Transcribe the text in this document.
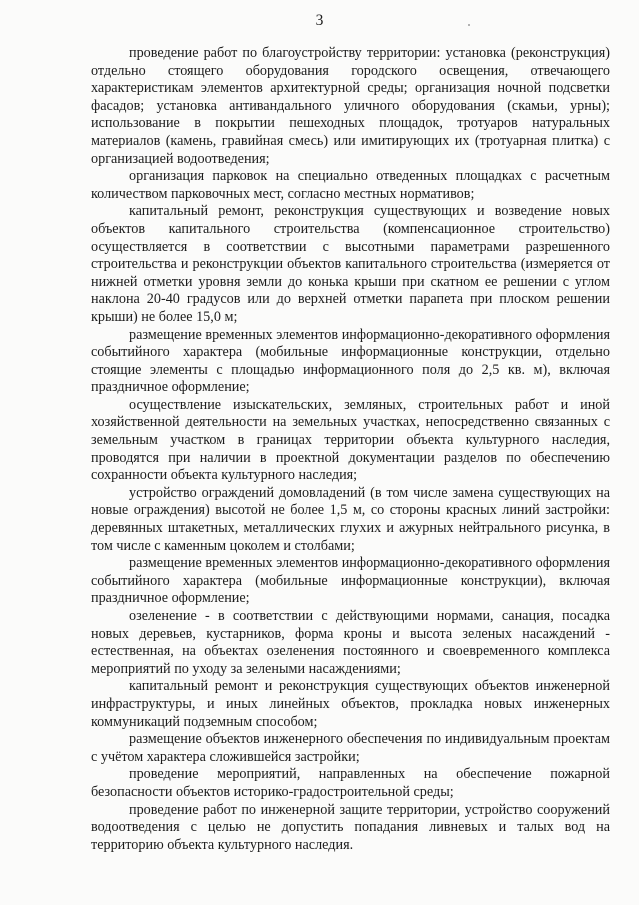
3

проведение работ по благоустройству территории: установка (реконструкция) отдельно стоящего оборудования городского освещения, отвечающего характеристикам элементов архитектурной среды; организация ночной подсветки фасадов; установка антивандального уличного оборудования (скамьи, урны); использование в покрытии пешеходных площадок, тротуаров натуральных материалов (камень, гравийная смесь) или имитирующих их (тротуарная плитка) с организацией водоотведения;

организация парковок на специально отведенных площадках с расчетным количеством парковочных мест, согласно местных нормативов;

капитальный ремонт, реконструкция существующих и возведение новых объектов капитального строительства (компенсационное строительство) осуществляется в соответствии с высотными параметрами разрешенного строительства и реконструкции объектов капитального строительства (измеряется от нижней отметки уровня земли до конька крыши при скатном ее решении с углом наклона 20-40 градусов или до верхней отметки парапета при плоском решении крыши) не более 15,0 м;

размещение временных элементов информационно-декоративного оформления событийного характера (мобильные информационные конструкции, отдельно стоящие элементы с площадью информационного поля до 2,5 кв. м), включая праздничное оформление;

осуществление изыскательских, земляных, строительных работ и иной хозяйственной деятельности на земельных участках, непосредственно связанных с земельным участком в границах территории объекта культурного наследия, проводятся при наличии в проектной документации разделов по обеспечению сохранности объекта культурного наследия;

устройство ограждений домовладений (в том числе замена существующих на новые ограждения) высотой не более 1,5 м, со стороны красных линий застройки: деревянных штакетных, металлических глухих и ажурных нейтрального рисунка, в том числе с каменным цоколем и столбами;

размещение временных элементов информационно-декоративного оформления событийного характера (мобильные информационные конструкции), включая праздничное оформление;

озеленение - в соответствии с действующими нормами, санация, посадка новых деревьев, кустарников, форма кроны и высота зеленых насаждений - естественная, на объектах озеленения постоянного и своевременного комплекса мероприятий по уходу за зелеными насаждениями;

капитальный ремонт и реконструкция существующих объектов инженерной инфраструктуры, и иных линейных объектов, прокладка новых инженерных коммуникаций подземным способом;

размещение объектов инженерного обеспечения по индивидуальным проектам с учётом характера сложившейся застройки;

проведение мероприятий, направленных на обеспечение пожарной безопасности объектов историко-градостроительной среды;

проведение работ по инженерной защите территории, устройство сооружений водоотведения с целью не допустить попадания ливневых и талых вод на территорию объекта культурного наследия.
